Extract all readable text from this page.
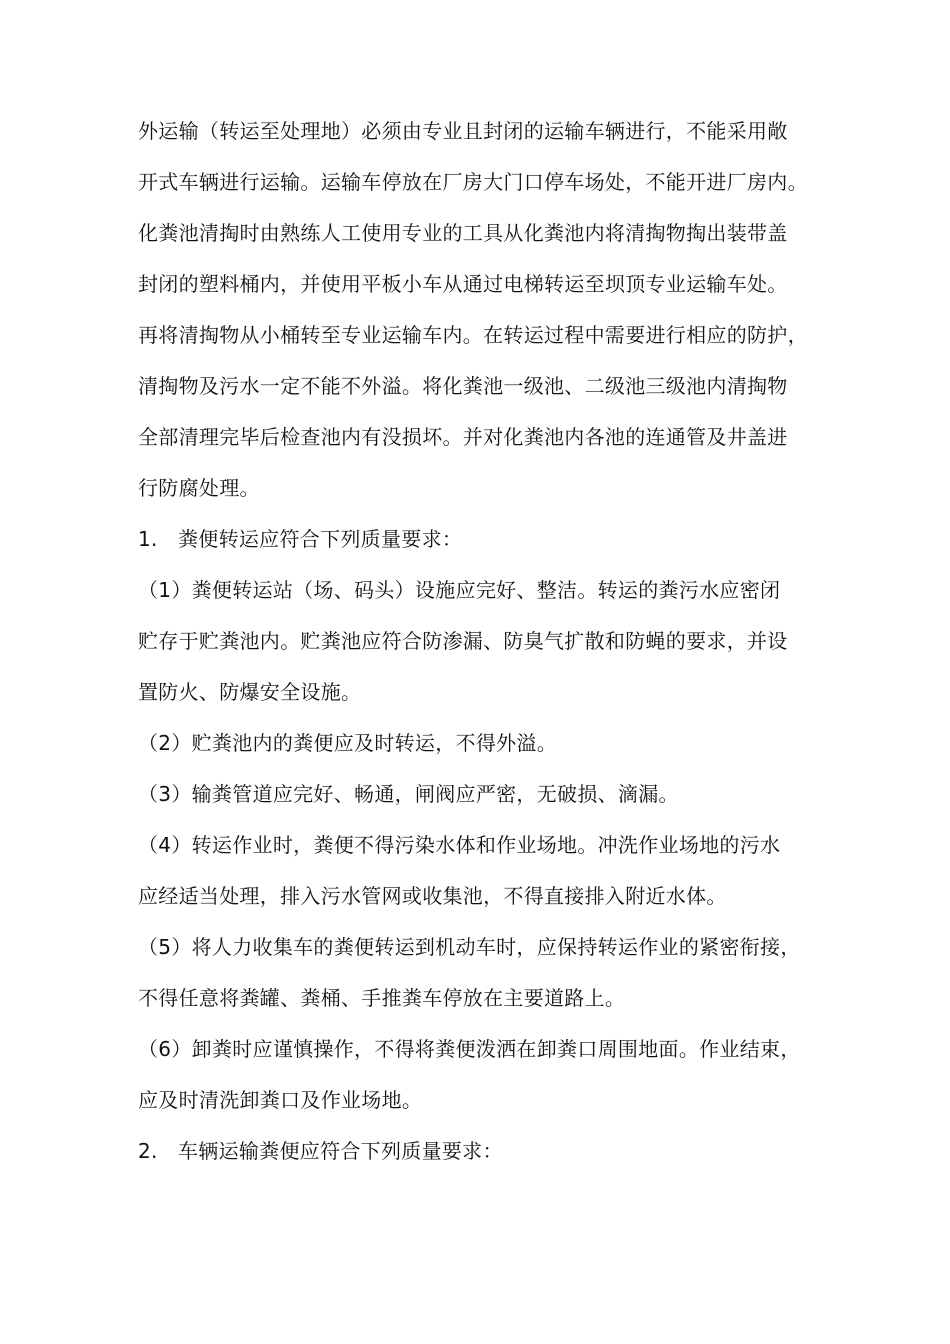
外运输（转运至处理地）必须由专业且封闭的运输车辆进行，不能采用敞
开式车辆进行运输。运输车停放在厂房大门口停车场处，不能开进厂房内。
化粪池清掏时由熟练人工使用专业的工具从化粪池内将清掏物掏出装带盖
封闭的塑料桶内，并使用平板小车从通过电梯转运至坝顶专业运输车处。
再将清掏物从小桶转至专业运输车内。在转运过程中需要进行相应的防护，
清掏物及污水一定不能不外溢。将化粪池一级池、二级池三级池内清掏物
全部清理完毕后检查池内有没损坏。并对化粪池内各池的连通管及井盖进
行防腐处理。
1.　粪便转运应符合下列质量要求：
（1）粪便转运站（场、码头）设施应完好、整洁。转运的粪污水应密闭
贮存于贮粪池内。贮粪池应符合防渗漏、防臭气扩散和防蝇的要求，并设
置防火、防爆安全设施。
（2）贮粪池内的粪便应及时转运，不得外溢。
（3）输粪管道应完好、畅通，闸阀应严密，无破损、滴漏。
（4）转运作业时，粪便不得污染水体和作业场地。冲洗作业场地的污水
应经适当处理，排入污水管网或收集池，不得直接排入附近水体。
（5）将人力收集车的粪便转运到机动车时，应保持转运作业的紧密衔接，
不得任意将粪罐、粪桶、手推粪车停放在主要道路上。
（6）卸粪时应谨慎操作，不得将粪便泼洒在卸粪口周围地面。作业结束，
应及时清洗卸粪口及作业场地。
2.　车辆运输粪便应符合下列质量要求：
